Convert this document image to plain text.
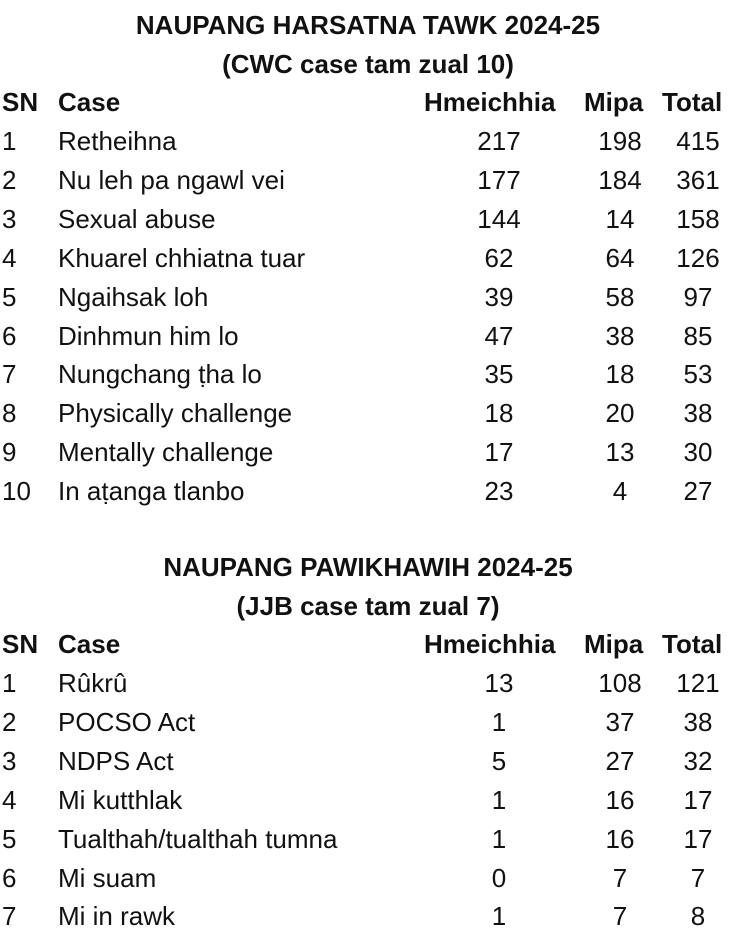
NAUPANG HARSATNA TAWK 2024-25
(CWC case tam zual 10)
SN Case	Hmeichhia	Mipa Total
1 Retheihna	217	198	415
2 Nu leh pa ngawl vei	177	184	361
3 Sexual abuse	144	14	158
4 Khuarel chhiatna tuar	62	64	126
5 Ngaihsak loh	39	58	97
6 Dinhmun him lo	47	38	85
7 Nungchang ṭha lo	35	18	53
8 Physically challenge	18	20	38
9 Mentally challenge	17	13	30
10 In aṭanga tlanbo	23	4	27
NAUPANG PAWIKHAWIH 2024-25
(JJB case tam zual 7)
SN Case	Hmeichhia	Mipa Total
1 Rûkrû	13	108	121
2 POCSO Act	1	37	38
3 NDPS Act	5	27	32
4 Mi kutthlak	1	16	17
5 Tualthah/tualthah tumna	1	16	17
6 Mi suam	0	7	7
7 Mi in rawk	1	7	8
